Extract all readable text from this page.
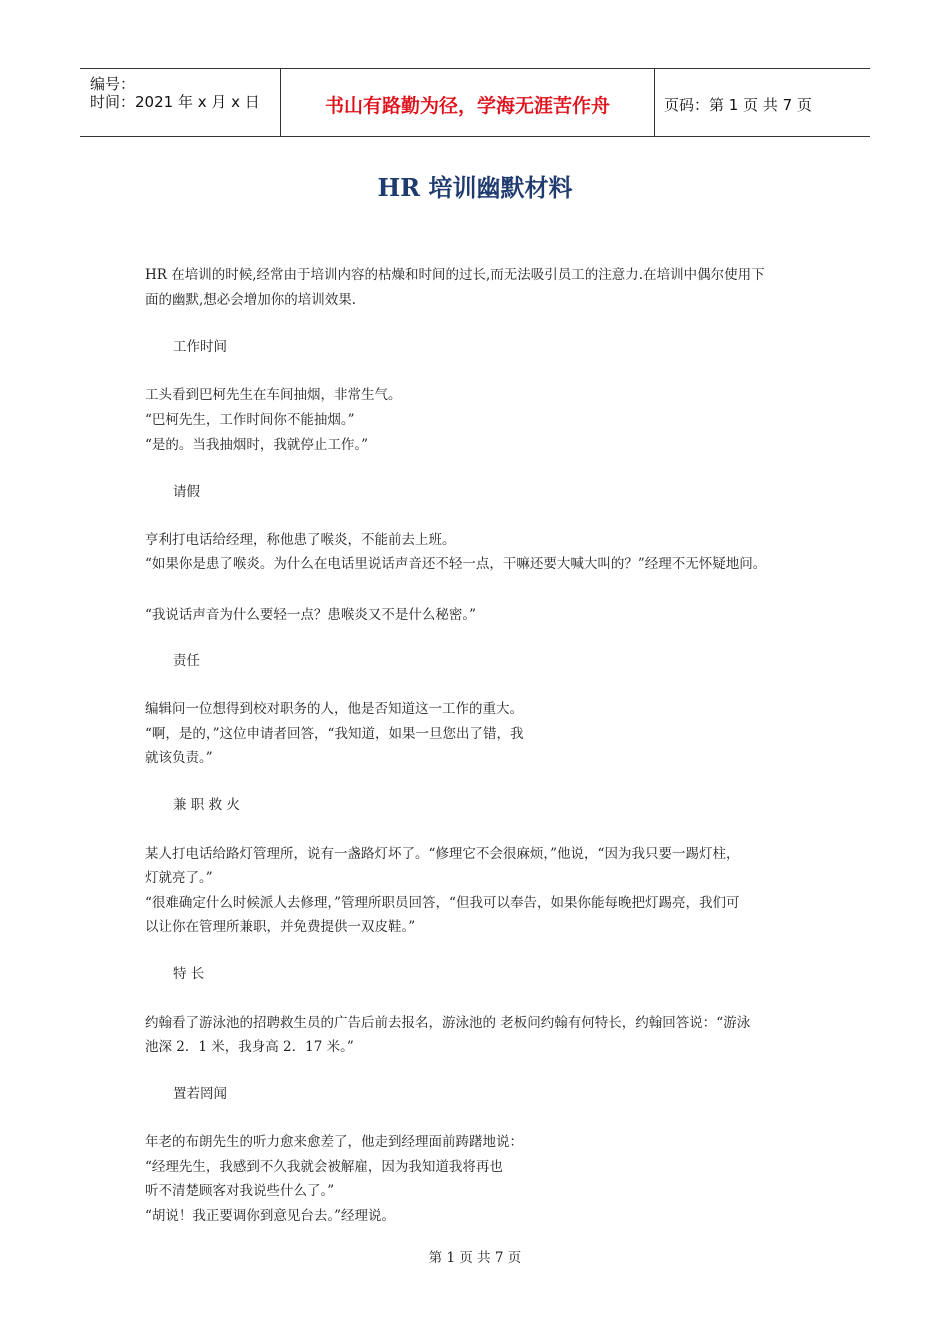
编号：
时间：2021 年 x 月 x 日	书山有路勤为径，学海无涯苦作舟	页码：第 1 页 共 7 页
HR 培训幽默材料
HR 在培训的时候,经常由于培训内容的枯燥和时间的过长,而无法吸引员工的注意力.在培训中偶尔使用下
面的幽默,想必会增加你的培训效果.
工作时间
工头看到巴柯先生在车间抽烟，非常生气。
“巴柯先生，工作时间你不能抽烟。”
“是的。当我抽烟时，我就停止工作。”
请假
亨利打电话给经理，称他患了喉炎，不能前去上班。
“如果你是患了喉炎。为什么在电话里说话声音还不轻一点，干嘛还要大喊大叫的？”经理不无怀疑地问。
“我说话声音为什么要轻一点？患喉炎又不是什么秘密。”
责任
编辑问一位想得到校对职务的人，他是否知道这一工作的重大。
“啊，是的，”这位申请者回答，“我知道，如果一旦您出了错，我
就该负责。”
兼 职 救 火
某人打电话给路灯管理所，说有一盏路灯坏了。“修理它不会很麻烦，”他说，“因为我只要一踢灯柱，
灯就亮了。”
“很难确定什么时候派人去修理，”管理所职员回答，“但我可以奉告，如果你能每晚把灯踢亮，我们可
以让你在管理所兼职，并免费提供一双皮鞋。”
特 长
约翰看了游泳池的招聘救生员的广告后前去报名，游泳池的 老板问约翰有何特长，约翰回答说：“游泳
池深 2．1 米，我身高 2．17 米。”
置若罔闻
年老的布朗先生的听力愈来愈差了，他走到经理面前踌躇地说：
“经理先生，我感到不久我就会被解雇，因为我知道我将再也
听不清楚顾客对我说些什么了。”
“胡说！我正要调你到意见台去。”经理说。
第 1 页 共 7 页
